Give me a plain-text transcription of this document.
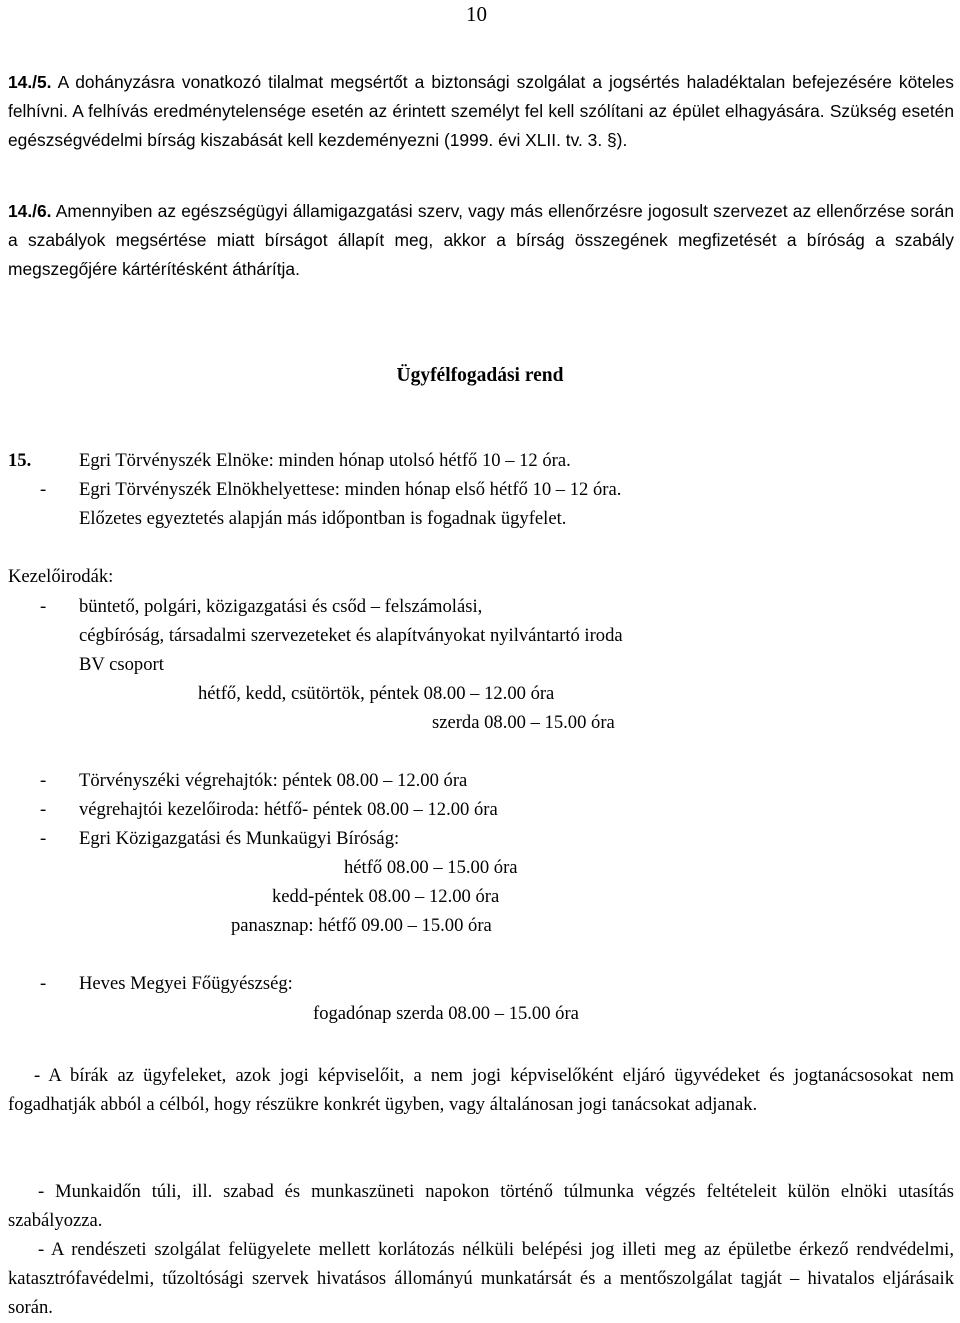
10
14./5. A dohányzásra vonatkozó tilalmat megsértőt a biztonsági szolgálat a jogsértés haladéktalan befejezésére köteles felhívni. A felhívás eredménytelensége esetén az érintett személyt fel kell szólítani az épület elhagyására. Szükség esetén egészségvédelmi bírság kiszabását kell kezdeményezni (1999. évi XLII. tv. 3. §).
14./6. Amennyiben az egészségügyi államigazgatási szerv, vagy más ellenőrzésre jogosult szervezet az ellenőrzése során a szabályok megsértése miatt bírságot állapít meg, akkor a bírság összegének megfizetését a bíróság a szabály megszegőjére kártérítésként áthárítja.
Ügyfélfogadási rend
15.	Egri Törvényszék Elnöke: minden hónap utolsó hétfő 10 – 12 óra.
- Egri Törvényszék Elnökhelyettese: minden hónap első hétfő 10 – 12 óra.
Előzetes egyeztetés alapján más időpontban is fogadnak ügyfelet.
Kezelőirodák:
- büntető, polgári, közigazgatási és csőd – felszámolási,
cégbíróság, társadalmi szervezeteket és alapítványokat nyilvántartó iroda
BV csoport
hétfő, kedd, csütörtök, péntek 08.00 – 12.00 óra
szerda 08.00 – 15.00 óra
- Törvényszéki végrehajtók: péntek 08.00 – 12.00 óra
- végrehajtói kezelőiroda: hétfő- péntek 08.00 – 12.00 óra
- Egri Közigazgatási és Munkaügyi Bíróság:
hétfő 08.00 – 15.00 óra
kedd-péntek 08.00 – 12.00 óra
panasznap: hétfő 09.00 – 15.00 óra
- Heves Megyei Főügyészség:
fogadónap szerda 08.00 – 15.00 óra
- A bírák az ügyfeleket, azok jogi képviselőit, a nem jogi képviselőként eljáró ügyvédeket és jogtanácsosokat nem fogadhatják abból a célból, hogy részükre konkrét ügyben, vagy általánosan jogi tanácsokat adjanak.
- Munkaidőn túli, ill. szabad és munkaszüneti napokon történő túlmunka végzés feltételeit külön elnöki utasítás szabályozza.
- A rendészeti szolgálat felügyelete mellett korlátozás nélküli belépési jog illeti meg az épületbe érkező rendvédelmi, katasztrófavédelmi, tűzoltósági szervek hivatásos állományú munkatársát és a mentőszolgálat tagját – hivatalos eljárásaik során.
